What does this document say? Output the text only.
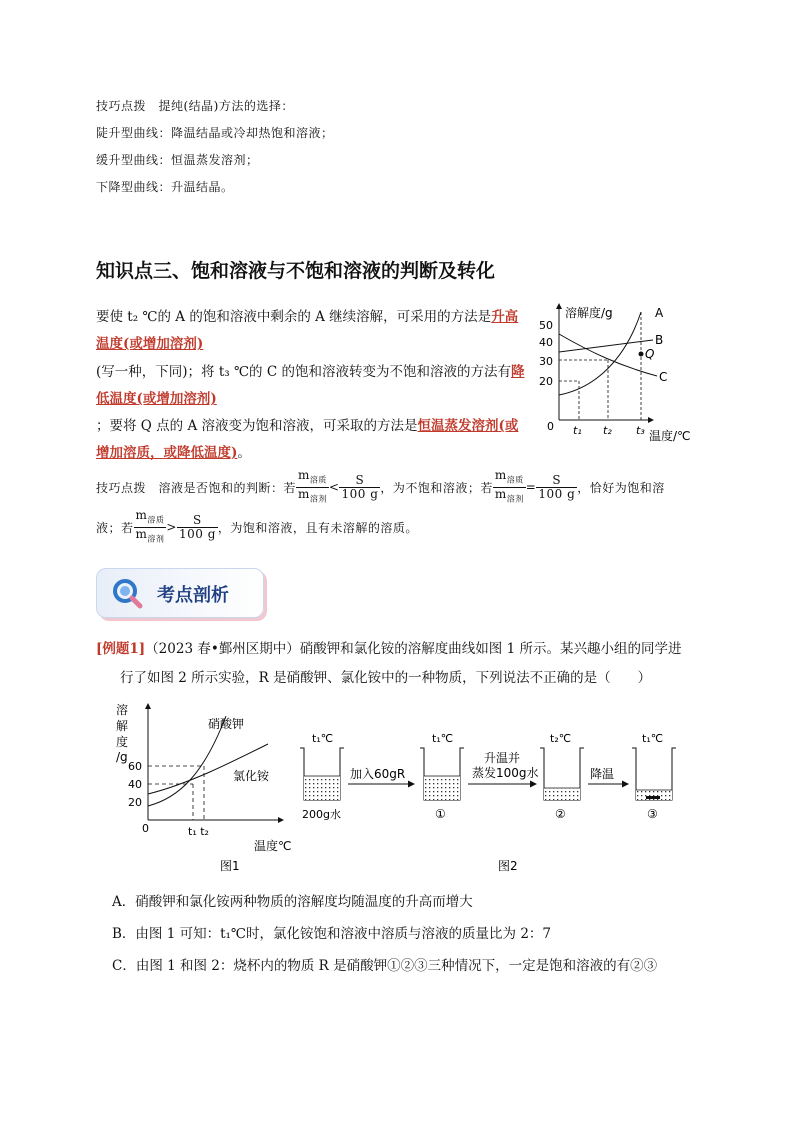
技巧点拨　提纯(结晶)方法的选择：
陡升型曲线：降温结晶或冷却热饱和溶液；
缓升型曲线：恒温蒸发溶剂；
下降型曲线：升温结晶。
知识点三、饱和溶液与不饱和溶液的判断及转化
要使 t₂ ℃的 A 的饱和溶液中剩余的 A 继续溶解，可采用的方法是升高
温度(或增加溶剂)
(写一种，下同)；将 t₃ ℃的 C 的饱和溶液转变为不饱和溶液的方法有降
低温度(或增加溶剂)
；要将 Q 点的 A 溶液变为饱和溶液，可采取的方法是恒温蒸发溶剂(或
增加溶质，或降低温度)。
溶解度/g
50
40
30
20
0
Q
A
B
C
t₁ t₂ t₃ 温度/℃
技巧点拨　溶液是否饱和的判断：若 $\frac{m_{溶质}}{m_{溶剂}} < \frac{S}{100 g}$ ，为不饱和溶液；若 $\frac{m_{溶质}}{m_{溶剂}} = \frac{S}{100 g}$ ，恰好为饱和溶
液；若 $\frac{m_{溶质}}{m_{溶剂}} > \frac{S}{100 g}$ ，为饱和溶液，且有未溶解的溶质。
考点剖析
[例题1]（2023 春•鄞州区期中）硝酸钾和氯化铵的溶解度曲线如图 1 所示。某兴趣小组的同学进
行了如图 2 所示实验，R 是硝酸钾、氯化铵中的一种物质，下列说法不正确的是（　　）
溶
解
度
/g
60
40
20
0
硝酸钾
氯化铵
t₁ t₂
温度℃
图1
t₁℃
200g水
加入60gR
t₁℃
①
升温并
蒸发100g水
t₂℃
②
降温
t₁℃
③
图2
A．硝酸钾和氯化铵两种物质的溶解度均随温度的升高而增大
B．由图 1 可知：t₁℃时，氯化铵饱和溶液中溶质与溶液的质量比为 2：7
C．由图 1 和图 2：烧杯内的物质 R 是硝酸钾①②③三种情况下，一定是饱和溶液的有②③
